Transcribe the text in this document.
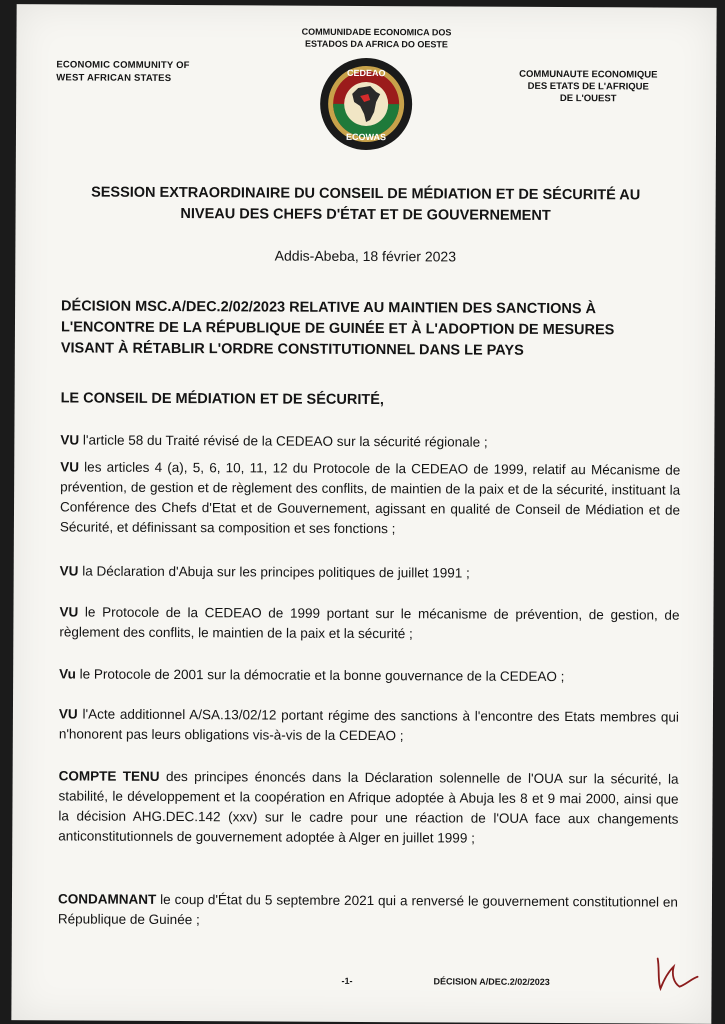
ECONOMIC COMMUNITY OF
WEST AFRICAN STATES
COMMUNIDADE ECONOMICA DOS
ESTADOS DA AFRICA DO OESTE
COMMUNAUTE ECONOMIQUE
DES ETATS DE L'AFRIQUE
DE L'OUEST
CEDEAO
ECOWAS
SESSION EXTRAORDINAIRE DU CONSEIL DE MÉDIATION ET DE SÉCURITÉ AU
NIVEAU DES CHEFS D'ÉTAT ET DE GOUVERNEMENT
Addis-Abeba, 18 février 2023
DÉCISION MSC.A/DEC.2/02/2023 RELATIVE AU MAINTIEN DES SANCTIONS À
L'ENCONTRE DE LA RÉPUBLIQUE DE GUINÉE ET À L'ADOPTION DE MESURES
VISANT À RÉTABLIR L'ORDRE CONSTITUTIONNEL DANS LE PAYS
LE CONSEIL DE MÉDIATION ET DE SÉCURITÉ,
VU l'article 58 du Traité révisé de la CEDEAO sur la sécurité régionale ;
VU les articles 4 (a), 5, 6, 10, 11, 12 du Protocole de la CEDEAO de 1999, relatif au Mécanisme de prévention, de gestion et de règlement des conflits, de maintien de la paix et de la sécurité, instituant la Conférence des Chefs d'Etat et de Gouvernement, agissant en qualité de Conseil de Médiation et de Sécurité, et définissant sa composition et ses fonctions ;
VU la Déclaration d'Abuja sur les principes politiques de juillet 1991 ;
VU le Protocole de la CEDEAO de 1999 portant sur le mécanisme de prévention, de gestion, de règlement des conflits, le maintien de la paix et la sécurité ;
Vu le Protocole de 2001 sur la démocratie et la bonne gouvernance de la CEDEAO ;
VU l'Acte additionnel A/SA.13/02/12 portant régime des sanctions à l'encontre des Etats membres qui n'honorent pas leurs obligations vis-à-vis de la CEDEAO ;
COMPTE TENU des principes énoncés dans la Déclaration solennelle de l'OUA sur la sécurité, la stabilité, le développement et la coopération en Afrique adoptée à Abuja les 8 et 9 mai 2000, ainsi que la décision AHG.DEC.142 (xxv) sur le cadre pour une réaction de l'OUA face aux changements anticonstitutionnels de gouvernement adoptée à Alger en juillet 1999 ;
CONDAMNANT le coup d'État du 5 septembre 2021 qui a renversé le gouvernement constitutionnel en République de Guinée ;
-1-	DÉCISION A/DEC.2/02/2023
